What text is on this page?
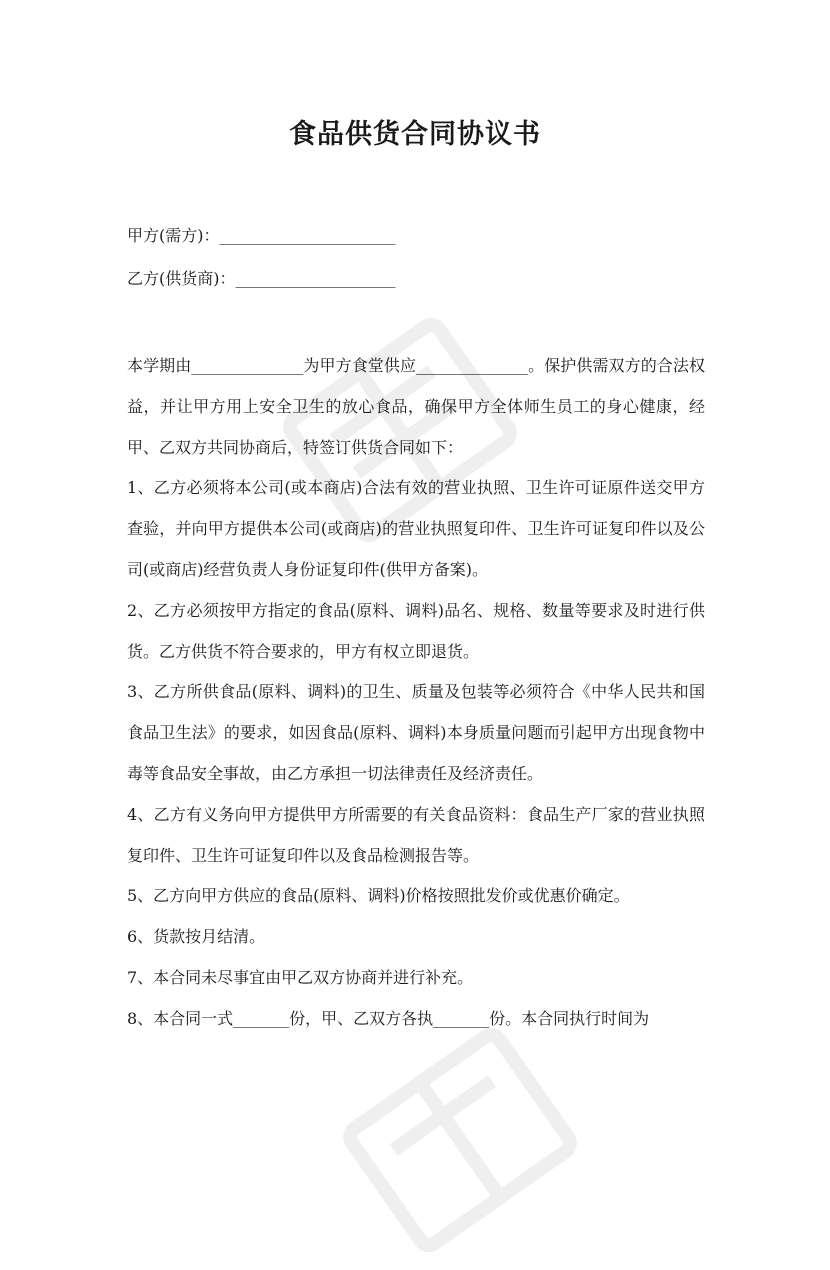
食品供货合同协议书
甲方(需方)：______________________
乙方(供货商)：____________________

本学期由______________为甲方食堂供应______________。保护供需双方的合法权益，并让甲方用上安全卫生的放心食品，确保甲方全体师生员工的身心健康，经甲、乙双方共同协商后，特签订供货合同如下：

1、乙方必须将本公司(或本商店)合法有效的营业执照、卫生许可证原件送交甲方查验，并向甲方提供本公司(或商店)的营业执照复印件、卫生许可证复印件以及公司(或商店)经营负责人身份证复印件(供甲方备案)。

2、乙方必须按甲方指定的食品(原料、调料)品名、规格、数量等要求及时进行供货。乙方供货不符合要求的，甲方有权立即退货。

3、乙方所供食品(原料、调料)的卫生、质量及包装等必须符合《中华人民共和国食品卫生法》的要求，如因食品(原料、调料)本身质量问题而引起甲方出现食物中毒等食品安全事故，由乙方承担一切法律责任及经济责任。

4、乙方有义务向甲方提供甲方所需要的有关食品资料：食品生产厂家的营业执照复印件、卫生许可证复印件以及食品检测报告等。

5、乙方向甲方供应的食品(原料、调料)价格按照批发价或优惠价确定。

6、货款按月结清。

7、本合同未尽事宜由甲乙双方协商并进行补充。

8、本合同一式_______份，甲、乙双方各执_______份。本合同执行时间为
